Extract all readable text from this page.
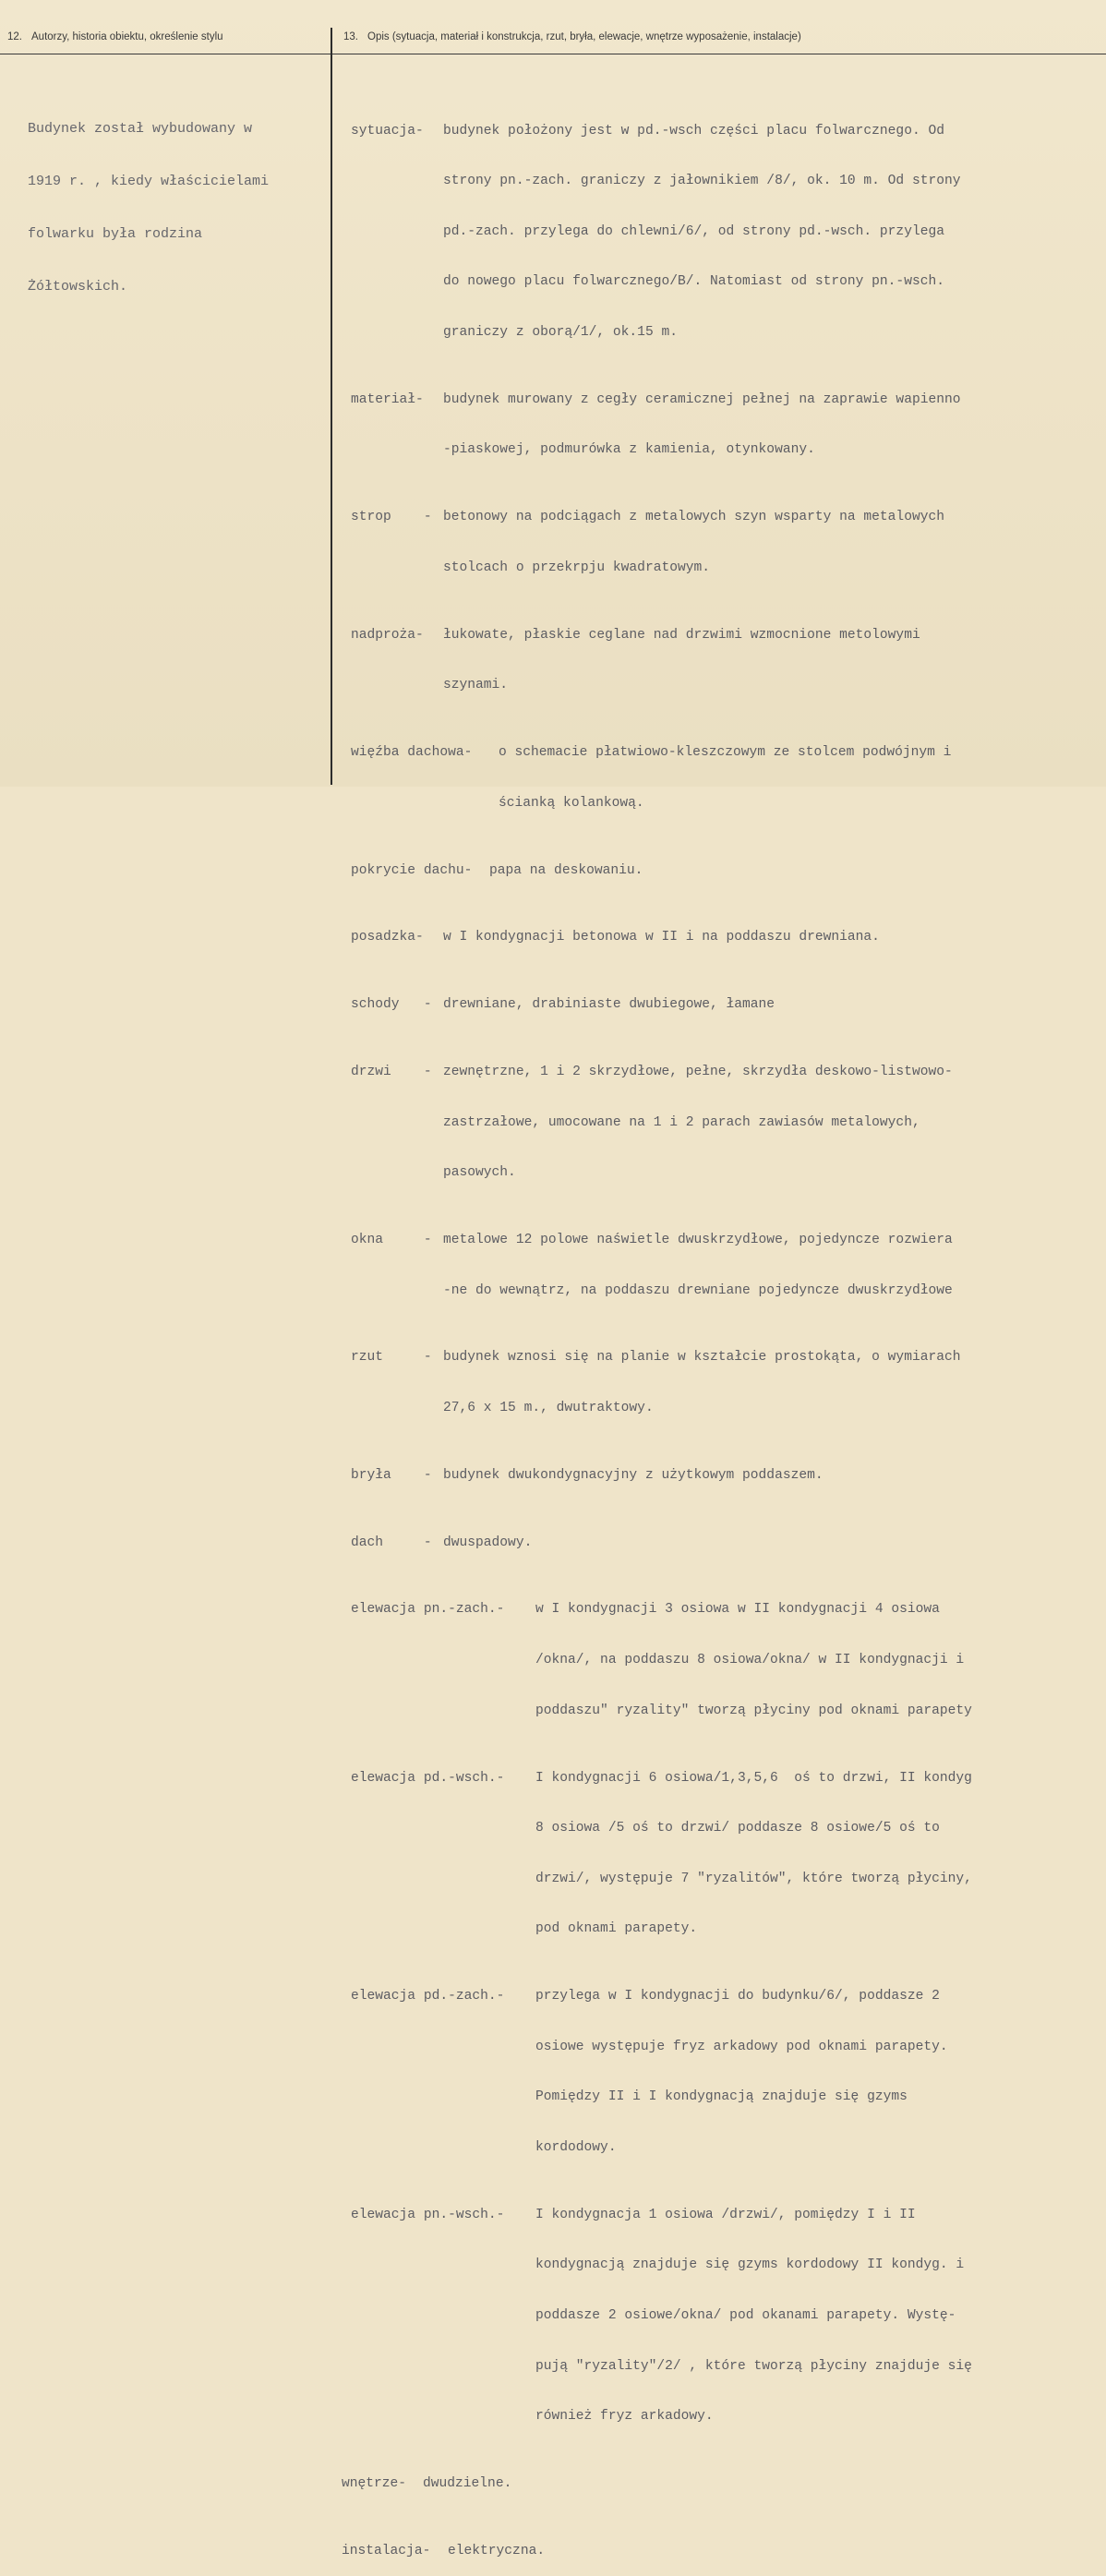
12. Autorzy, historia obiektu, określenie stylu	13. Opis (sytuacja, materiał i konstrukcja, rzut, bryła, elewacje, wnętrze wyposażenie, instalacje)

Budynek został wybudowany w

1919 r. , kiedy właścicielami

folwarku była rodzina

Żółtowskich.

sytuacja-	budynek położony jest w pd.-wsch części placu folwarcznego. Od

strony pn.-zach. graniczy z jałownikiem /8/, ok. 10 m. Od strony

pd.-zach. przylega do chlewni/6/, od strony pd.-wsch. przylega

do nowego placu folwarcznego/B/. Natomiast od strony pn.-wsch.

graniczy z oborą/1/, ok.15 m.

materiał-	budynek murowany z cegły ceramicznej pełnej na zaprawie wapienno

-piaskowej, podmurówka z kamienia, otynkowany.

strop    - betonowy na podciągach z metalowych szyn wsparty na metalowych

stolcach o przekrpju kwadratowym.

nadproża-	łukowate, płaskie ceglane nad drzwimi wzmocnione metolowymi

szynami.

więźba dachowa-	o schemacie płatwiowo-kleszczowym ze stolcem podwójnym i

ścianką kolankową.

pokrycie dachu-	papa na deskowaniu.

posadzka-	w I kondygnacji betonowa w II i na poddaszu drewniana.

schody   - drewniane, drabiniaste dwubiegowe, łamane

drzwi    - zewnętrzne, 1 i 2 skrzydłowe, pełne, skrzydła deskowo-listwowo-

zastrzałowe, umocowane na 1 i 2 parach zawiasów metalowych,

pasowych.

okna     - metalowe 12 polowe naświetle dwuskrzydłowe, pojedyncze rozwiera

-ne do wewnątrz, na poddaszu drewniane pojedyncze dwuskrzydłowe

rzut     - budynek wznosi się na planie w kształcie prostokąta, o wymiarach

27,6 x 15 m., dwutraktowy.

bryła    - budynek dwukondygnacyjny z użytkowym poddaszem.

dach     - dwuspadowy.

elewacja pn.-zach.-	w I kondygnacji 3 osiowa w II kondygnacji 4 osiowa

/okna/, na poddaszu 8 osiowa/okna/ w II kondygnacji i

poddaszu" ryzality" tworzą płyciny pod oknami parapety

elewacja pd.-wsch.-	I kondygnacji 6 osiowa/1,3,5,6  oś to drzwi, II kondyg

8 osiowa /5 oś to drzwi/ poddasze 8 osiowe/5 oś to

drzwi/, występuje 7 "ryzalitów", które tworzą płyciny,

pod oknami parapety.

elewacja pd.-zach.-	przylega w I kondygnacji do budynku/6/, poddasze 2

osiowe występuje fryz arkadowy pod oknami parapety.

Pomiędzy II i I kondygnacją znajduje się gzyms

kordodowy.

elewacja pn.-wsch.-	I kondygnacja 1 osiowa /drzwi/, pomiędzy I i II

kondygnacją znajduje się gzyms kordodowy II kondyg. i

poddasze 2 osiowe/okna/ pod okanami parapety. Wystę-

pują "ryzality"/2/ , które tworzą płyciny znajduje się

również fryz arkadowy.

wnętrze-	dwudzielne.

instalacja-	elektryczna.
